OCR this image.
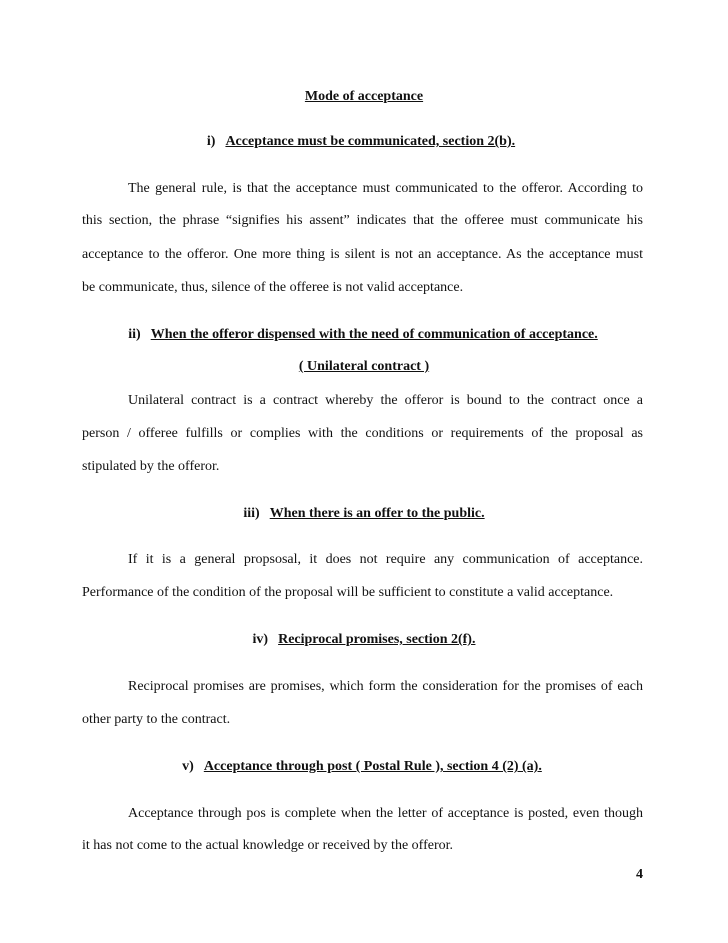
Mode of acceptance
i) Acceptance must be communicated, section 2(b).
The general rule, is that the acceptance must communicated to the offeror. According to
this section, the phrase “signifies his assent” indicates that the offeree must communicate his
acceptance to the offeror. One more thing is silent is not an acceptance. As the acceptance must
be communicate, thus, silence of the offeree is not valid acceptance.
ii) When the offeror dispensed with the need of communication of acceptance.
( Unilateral contract )
Unilateral contract is a contract whereby the offeror is bound to the contract once a
person / offeree fulfills or complies with the conditions or requirements of the proposal as
stipulated by the offeror.
iii) When there is an offer to the public.
If it is a general propsosal, it does not require any communication of acceptance.
Performance of the condition of the proposal will be sufficient to constitute a valid acceptance.
iv) Reciprocal promises, section 2(f).
Reciprocal promises are promises, which form the consideration for the promises of each
other party to the contract.
v) Acceptance through post ( Postal Rule ), section 4 (2) (a).
Acceptance through pos is complete when the letter of acceptance is posted, even though
it has not come to the actual knowledge or received by the offeror.
4
